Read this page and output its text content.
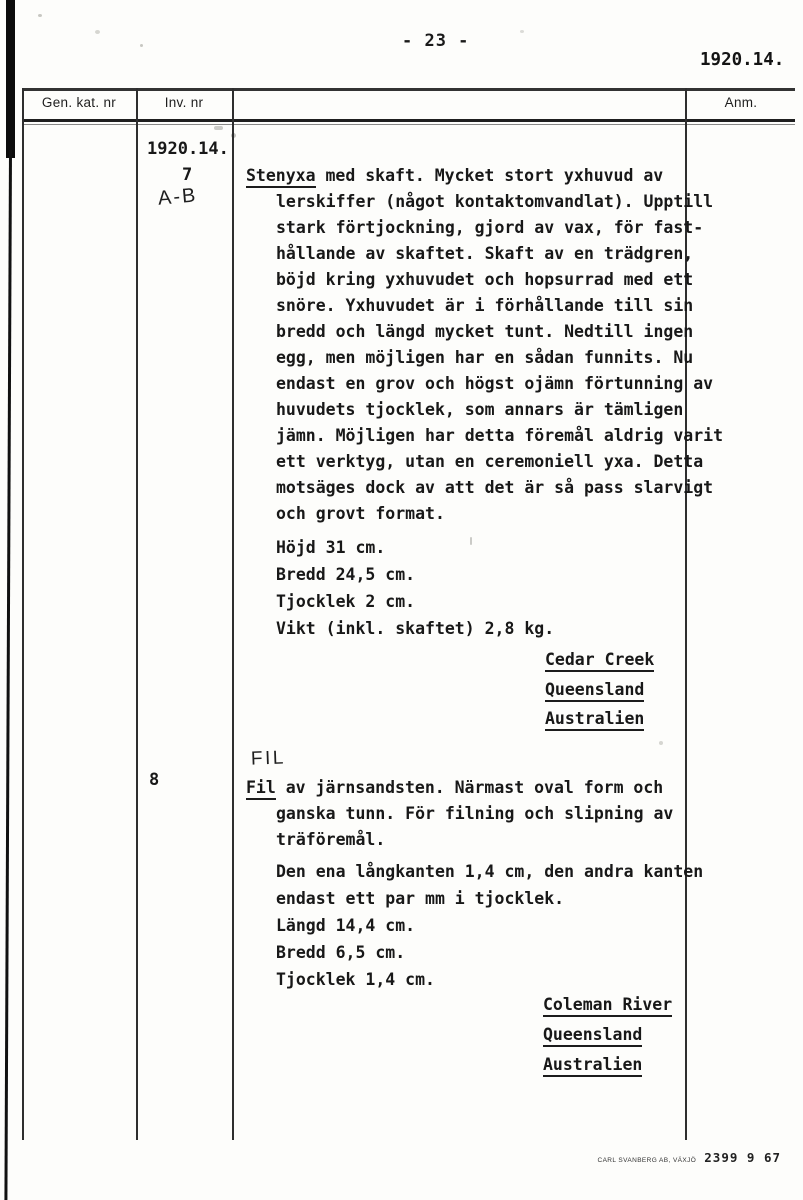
- 23 -
1920.14.
Gen. kat. nr	Inv. nr	Anm.
1920.14.
7
A-B
Stenyxa med skaft. Mycket stort yxhuvud av
lerskiffer (något kontaktomvandlat). Upptill
stark förtjockning, gjord av vax, för fast-
hållande av skaftet. Skaft av en trädgren,
böjd kring yxhuvudet och hopsurrad med ett
snöre. Yxhuvudet är i förhållande till sin
bredd och längd mycket tunt. Nedtill ingen
egg, men möjligen har en sådan funnits. Nu
endast en grov och högst ojämn förtunning av
huvudets tjocklek, som annars är tämligen
jämn. Möjligen har detta föremål aldrig varit
ett verktyg, utan en ceremoniell yxa. Detta
motsäges dock av att det är så pass slarvigt
och grovt format.
Höjd 31 cm.
Bredd 24,5 cm.
Tjocklek 2 cm.
Vikt (inkl. skaftet) 2,8 kg.
Cedar Creek
Queensland
Australien
8
FIL
Fil av järnsandsten. Närmast oval form och
ganska tunn. För filning och slipning av
träföremål.
Den ena långkanten 1,4 cm, den andra kanten
endast ett par mm i tjocklek.
Längd 14,4 cm.
Bredd 6,5 cm.
Tjocklek 1,4 cm.
Coleman River
Queensland
Australien
CARL SVANBERG AB, VÄXJÖ 2399 9 67
